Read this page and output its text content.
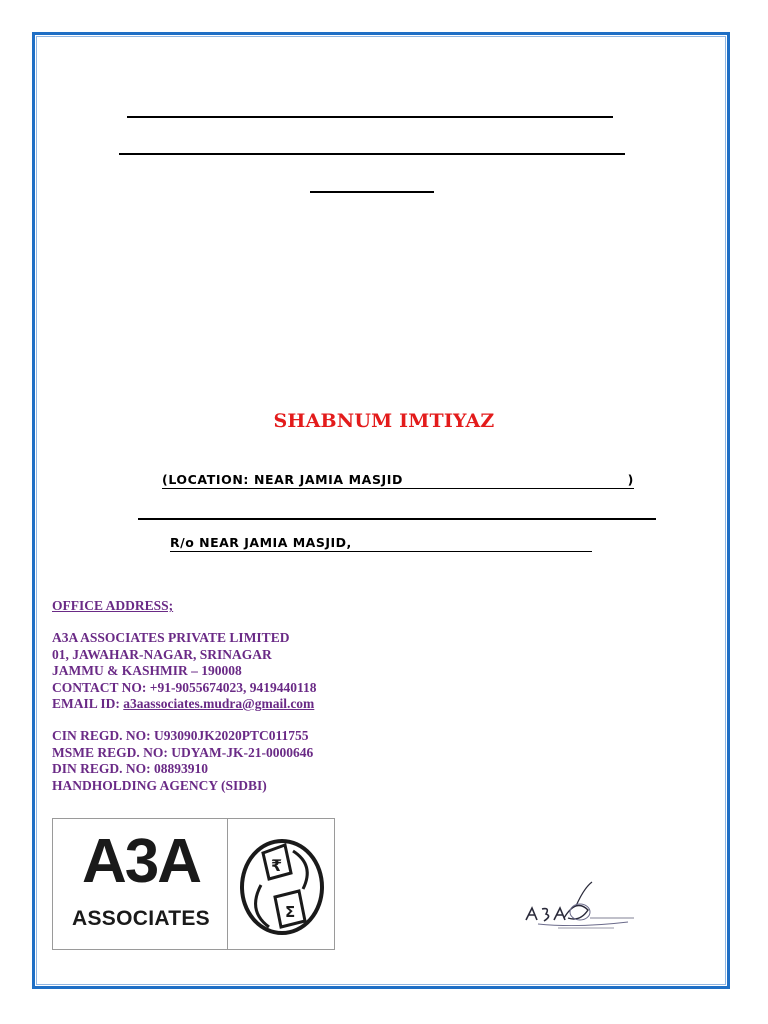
SHABNUM IMTIYAZ
(LOCATION: NEAR JAMIA MASJID	)
R/o NEAR JAMIA MASJID,
OFFICE ADDRESS;
A3A ASSOCIATES PRIVATE LIMITED
01, JAWAHAR-NAGAR, SRINAGAR
JAMMU & KASHMIR – 190008
CONTACT NO: +91-9055674023, 9419440118
EMAIL ID: a3aassociates.mudra@gmail.com
CIN REGD. NO: U93090JK2020PTC011755
MSME REGD. NO: UDYAM-JK-21-0000646
DIN REGD. NO: 08893910
HANDHOLDING AGENCY (SIDBI)
A3A
ASSOCIATES
₹
Σ
